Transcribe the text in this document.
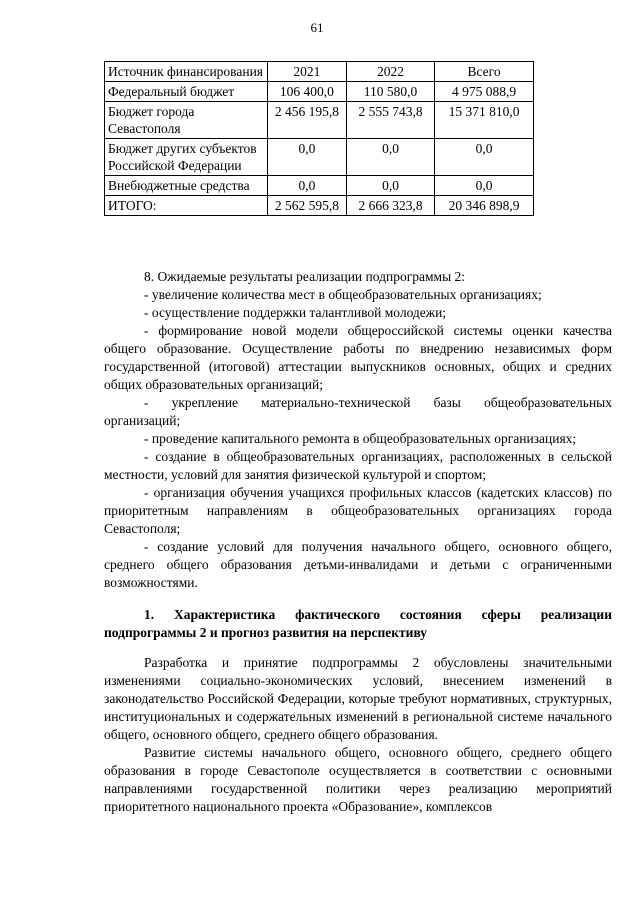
61
Источник финансирования	2021	2022	Всего
Федеральный бюджет	106 400,0	110 580,0	4 975 088,9
Бюджет города Севастополя	2 456 195,8	2 555 743,8	15 371 810,0
Бюджет других субъектов Российской Федерации	0,0	0,0	0,0
Внебюджетные средства	0,0	0,0	0,0
ИТОГО:	2 562 595,8	2 666 323,8	20 346 898,9

8. Ожидаемые результаты реализации подпрограммы 2:

- увеличение количества мест в общеобразовательных организациях;

- осуществление поддержки талантливой молодежи;

- формирование новой модели общероссийской системы оценки качества общего образование. Осуществление работы по внедрению независимых форм государственной (итоговой) аттестации выпускников основных, общих и средних общих образовательных организаций;

- укрепление материально-технической базы общеобразовательных организаций;

- проведение капитального ремонта в общеобразовательных организациях;

- создание в общеобразовательных организациях, расположенных в сельской местности, условий для занятия физической культурой и спортом;

- организация обучения учащихся профильных классов (кадетских классов) по приоритетным направлениям в общеобразовательных организациях города Севастополя;

- создание условий для получения начального общего, основного общего, среднего общего образования детьми-инвалидами и детьми с ограниченными возможностями.

1. Характеристика фактического состояния сферы реализации подпрограммы 2 и прогноз развития на перспективу

Разработка и принятие подпрограммы 2 обусловлены значительными изменениями социально-экономических условий, внесением изменений в законодательство Российской Федерации, которые требуют нормативных, структурных, институциональных и содержательных изменений в региональной системе начального общего, основного общего, среднего общего образования.

Развитие системы начального общего, основного общего, среднего общего образования в городе Севастополе осуществляется в соответствии с основными направлениями государственной политики через реализацию мероприятий приоритетного национального проекта «Образование», комплексов
